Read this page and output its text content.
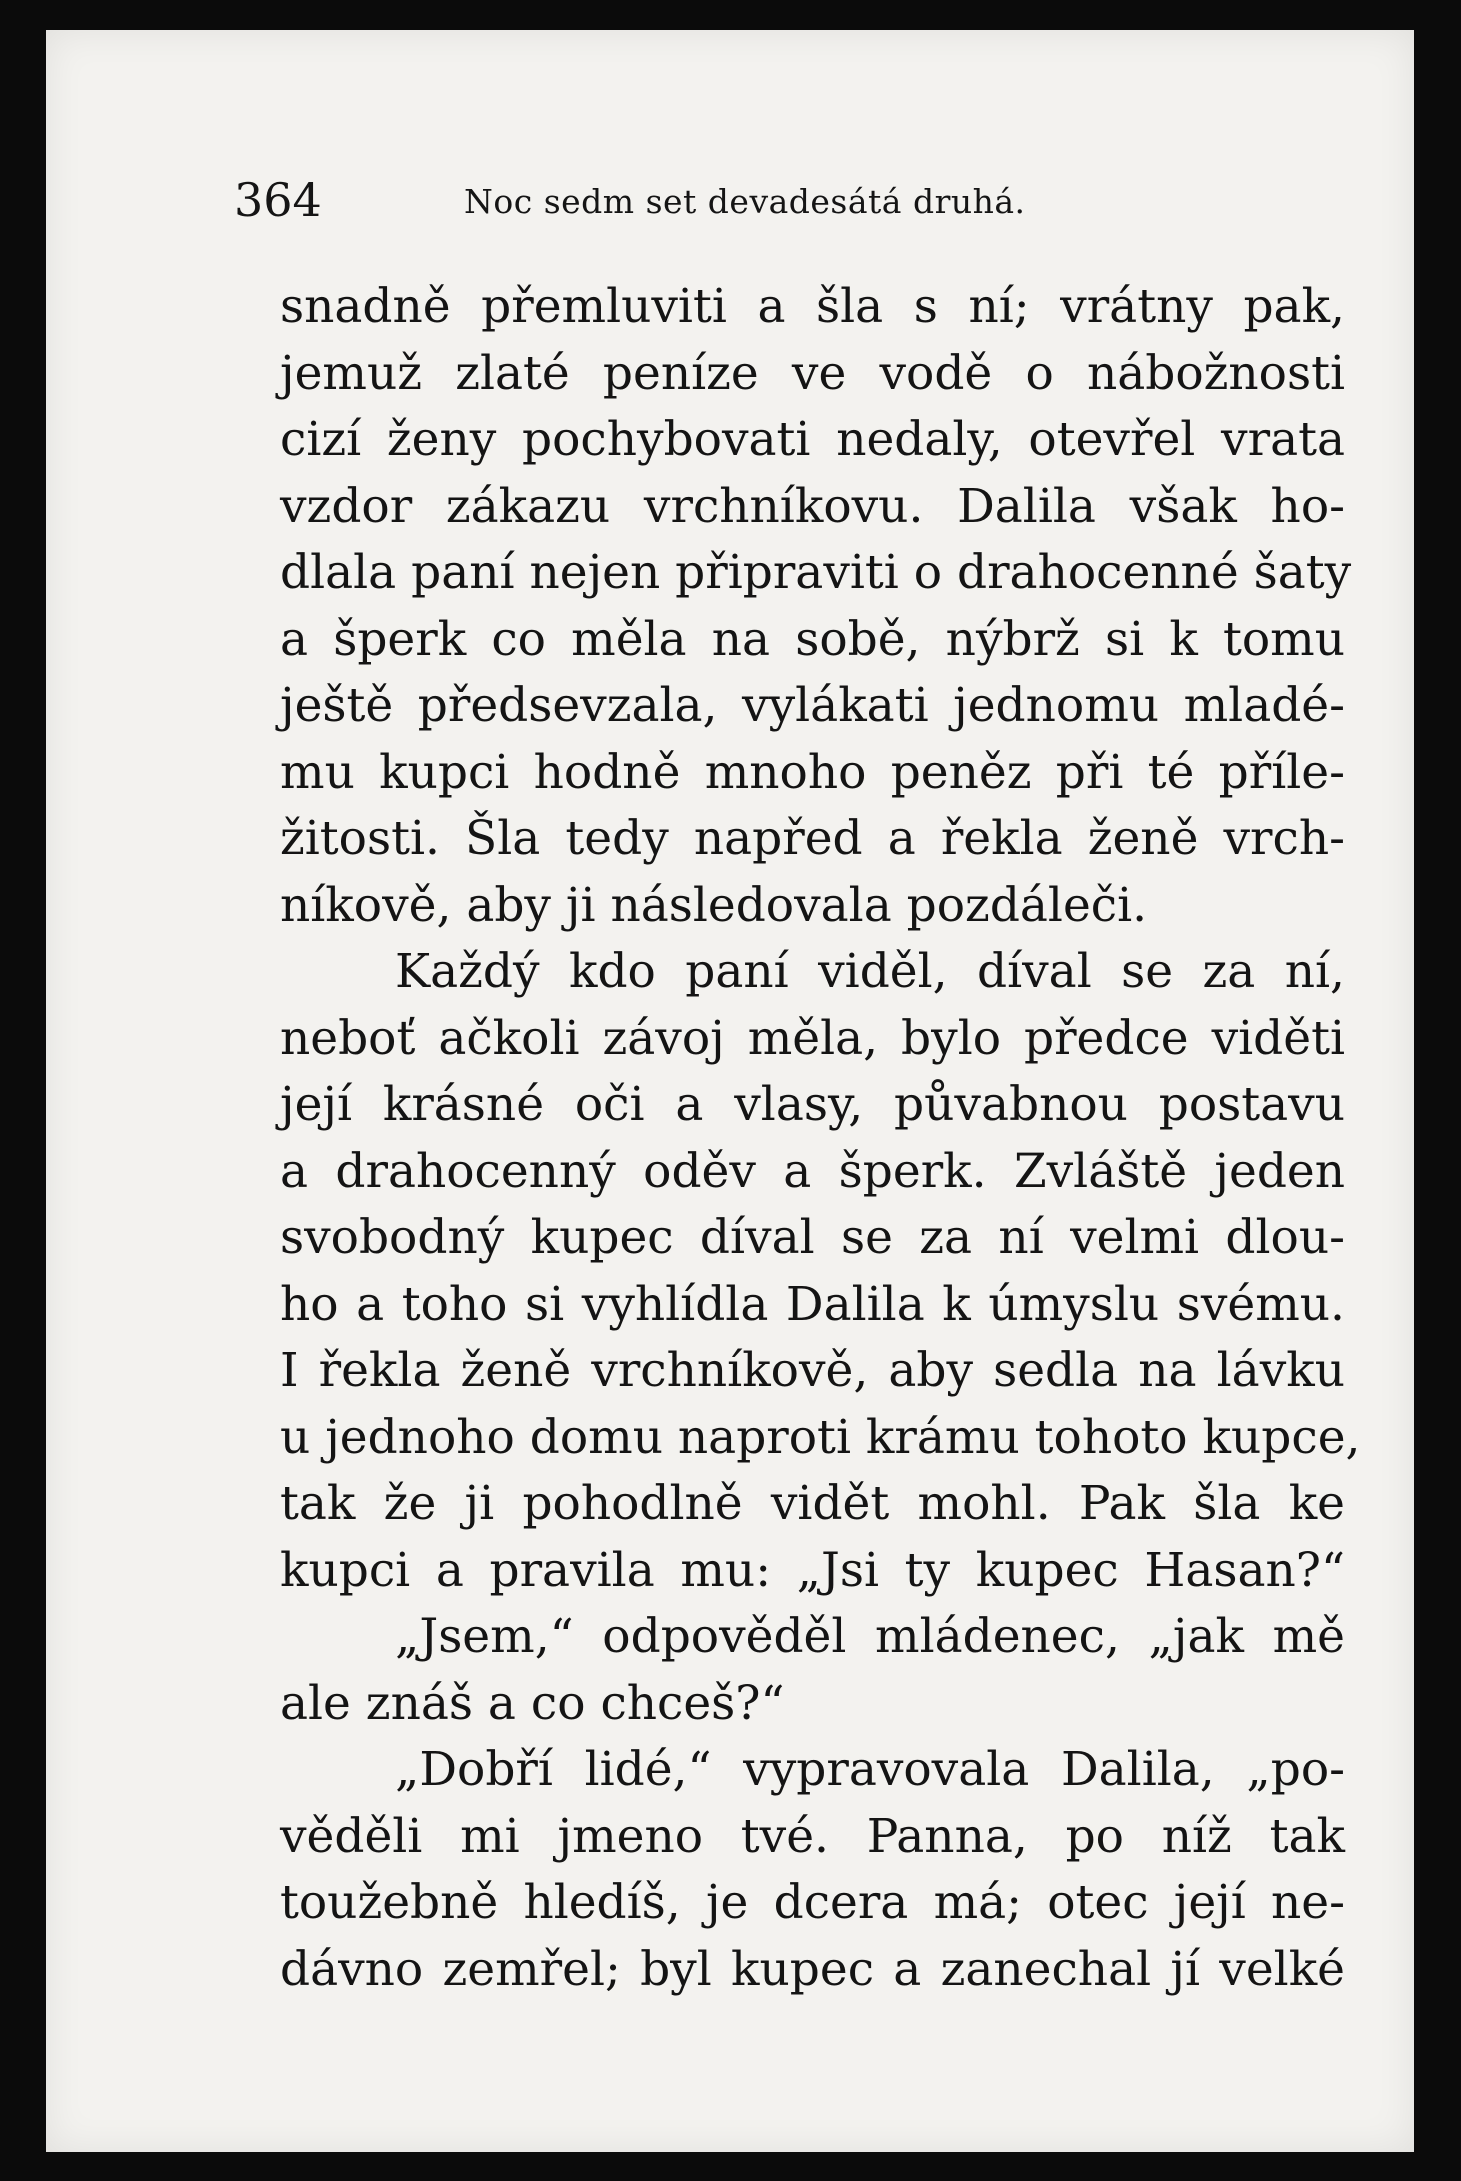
364	Noc sedm set devadesátá druhá.
snadně přemluviti a šla s ní; vrátny pak,
jemuž zlaté peníze ve vodě o nábožnosti
cizí ženy pochybovati nedaly, otevřel vrata
vzdor zákazu vrchníkovu. Dalila však ho-
dlala paní nejen připraviti o drahocenné šaty
a šperk co měla na sobě, nýbrž si k tomu
ještě předsevzala, vylákati jednomu mladé-
mu kupci hodně mnoho peněz při té příle-
žitosti. Šla tedy napřed a řekla ženě vrch-
níkově, aby ji následovala pozdáleči.
Každý kdo paní viděl, díval se za ní,
neboť ačkoli závoj měla, bylo předce viděti
její krásné oči a vlasy, půvabnou postavu
a drahocenný oděv a šperk. Zvláště jeden
svobodný kupec díval se za ní velmi dlou-
ho a toho si vyhlídla Dalila k úmyslu svému.
I řekla ženě vrchníkově, aby sedla na lávku
u jednoho domu naproti krámu tohoto kupce,
tak že ji pohodlně vidět mohl. Pak šla ke
kupci a pravila mu: „Jsi ty kupec Hasan?“
„Jsem,“ odpověděl mládenec, „jak mě
ale znáš a co chceš?“
„Dobří lidé,“ vypravovala Dalila, „po-
věděli mi jmeno tvé. Panna, po níž tak
toužebně hledíš, je dcera má; otec její ne-
dávno zemřel; byl kupec a zanechal jí velké
